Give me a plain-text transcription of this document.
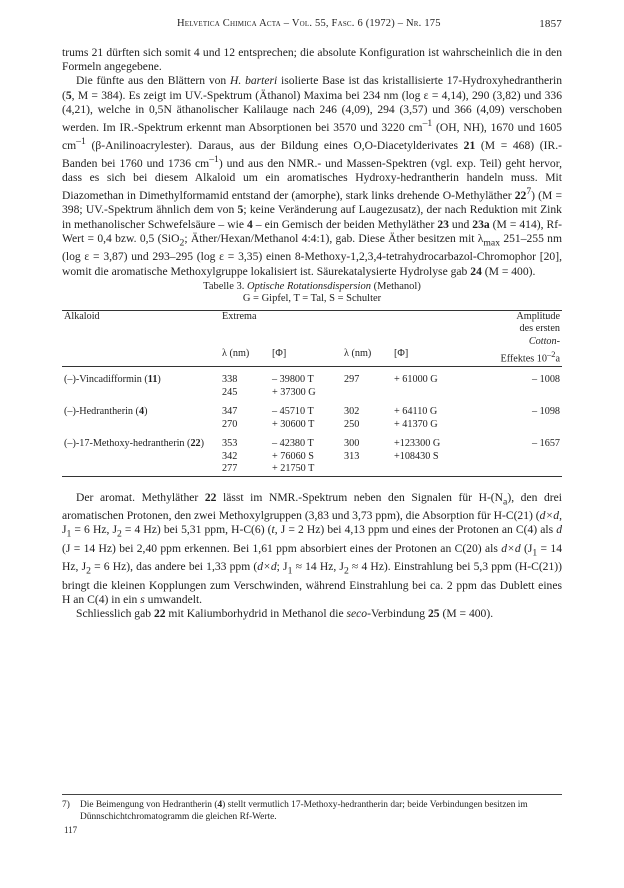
Helvetica Chimica Acta – Vol. 55, Fasc. 6 (1972) – Nr. 175	1857

trums 21 dürften sich somit 4 und 12 entsprechen; die absolute Konfiguration ist wahrscheinlich die in den Formeln angegebene.

Die fünfte aus den Blättern von H. barteri isolierte Base ist das kristallisierte 17-Hydroxyhedrantherin (5, M = 384). Es zeigt im UV.-Spektrum (Äthanol) Maxima bei 234 nm (log ε = 4,14), 290 (3,82) und 336 (4,21), welche in 0,5N äthanolischer Kalilauge nach 246 (4,09), 294 (3,57) und 366 (4,09) verschoben werden. Im IR.-Spektrum erkennt man Absorptionen bei 3570 und 3220 $cm^{-1}$ (OH, NH), 1670 und 1605 $cm^{-1}$ (β-Anilinoacrylester). Daraus, aus der Bildung eines O,O-Diacetylderivates 21 (M = 468) (IR.-Banden bei 1760 und 1736 $cm^{-1}$) und aus den NMR.- und Massen-Spektren (vgl. exp. Teil) geht hervor, dass es sich bei diesem Alkaloid um ein aromatisches Hydroxy-hedrantherin handeln muss. Mit Diazomethan in Dimethylformamid entstand der (amorphe), stark links drehende O-Methyläther $22^7$) (M = 398; UV.-Spektrum ähnlich dem von 5; keine Veränderung auf Laugezusatz), der nach Reduktion mit Zink in methanolischer Schwefelsäure – wie 4 – ein Gemisch der beiden Methyläther 23 und 23a (M = 414), Rf-Wert = 0,4 bzw. 0,5 (SiO$_2$; Äther/Hexan/Methanol 4:4:1), gab. Diese Äther besitzen mit $\lambda_{max}$ 251–255 nm (log ε = 3,87) und 293–295 (log ε = 3,35) einen 8-Methoxy-1,2,3,4-tetrahydrocarbazol-Chromophor [20], womit die aromatische Methoxylgruppe lokalisiert ist. Säurekatalysierte Hydrolyse gab 24 (M = 400).

Tabelle 3. Optische Rotationsdispersion (Methanol)
G = Gipfel, T = Tal, S = Schulter
Alkaloid	Extrema				Amplitude
					des ersten
					Cotton-
	λ (nm)	[Φ]	λ (nm)	[Φ]	Effektes $10^{-2}a$

(–)-Vincadifformin (11)	338	– 39800 T	297	+ 61000 G	– 1008
	245	+ 37300 G			

(–)-Hedrantherin (4)	347	– 45710 T	302	+ 64110 G	– 1098
	270	+ 30600 T	250	+ 41370 G	

(–)-17-Methoxy-hedrantherin (22)	353	– 42380 T	300	+123300 G	– 1657
	342	+ 76060 S	313	+108430 S	
	277	+ 21750 T			

Der aromat. Methyläther 22 lässt im NMR.-Spektrum neben den Signalen für $H-(N_a)$, den drei aromatischen Protonen, den zwei Methoxylgruppen (3,83 und 3,73 ppm), die Absorption für H-C(21) (d×d, $J_1 = 6$ Hz, $J_2 = 4$ Hz) bei 5,31 ppm, H-C(6) (t, J = 2 Hz) bei 4,13 ppm und eines der Protonen an C(4) als d (J = 14 Hz) bei 2,40 ppm erkennen. Bei 1,61 ppm absorbiert eines der Protonen an C(20) als d×d ($J_1 = 14$ Hz, $J_2 = 6$ Hz), das andere bei 1,33 ppm (d×d; $J_1 \approx 14$ Hz, $J_2 \approx 4$ Hz). Einstrahlung bei 5,3 ppm (H-C(21)) bringt die kleinen Kopplungen zum Verschwinden, während Einstrahlung bei ca. 2 ppm das Dublett eines H an C(4) in ein s umwandelt.

Schliesslich gab 22 mit Kaliumborhydrid in Methanol die seco-Verbindung 25 (M = 400).

7)	Die Beimengung von Hedrantherin (4) stellt vermutlich 17-Methoxy-hedrantherin dar; beide Verbindungen besitzen im Dünnschichtchromatogramm die gleichen Rf-Werte.
117
